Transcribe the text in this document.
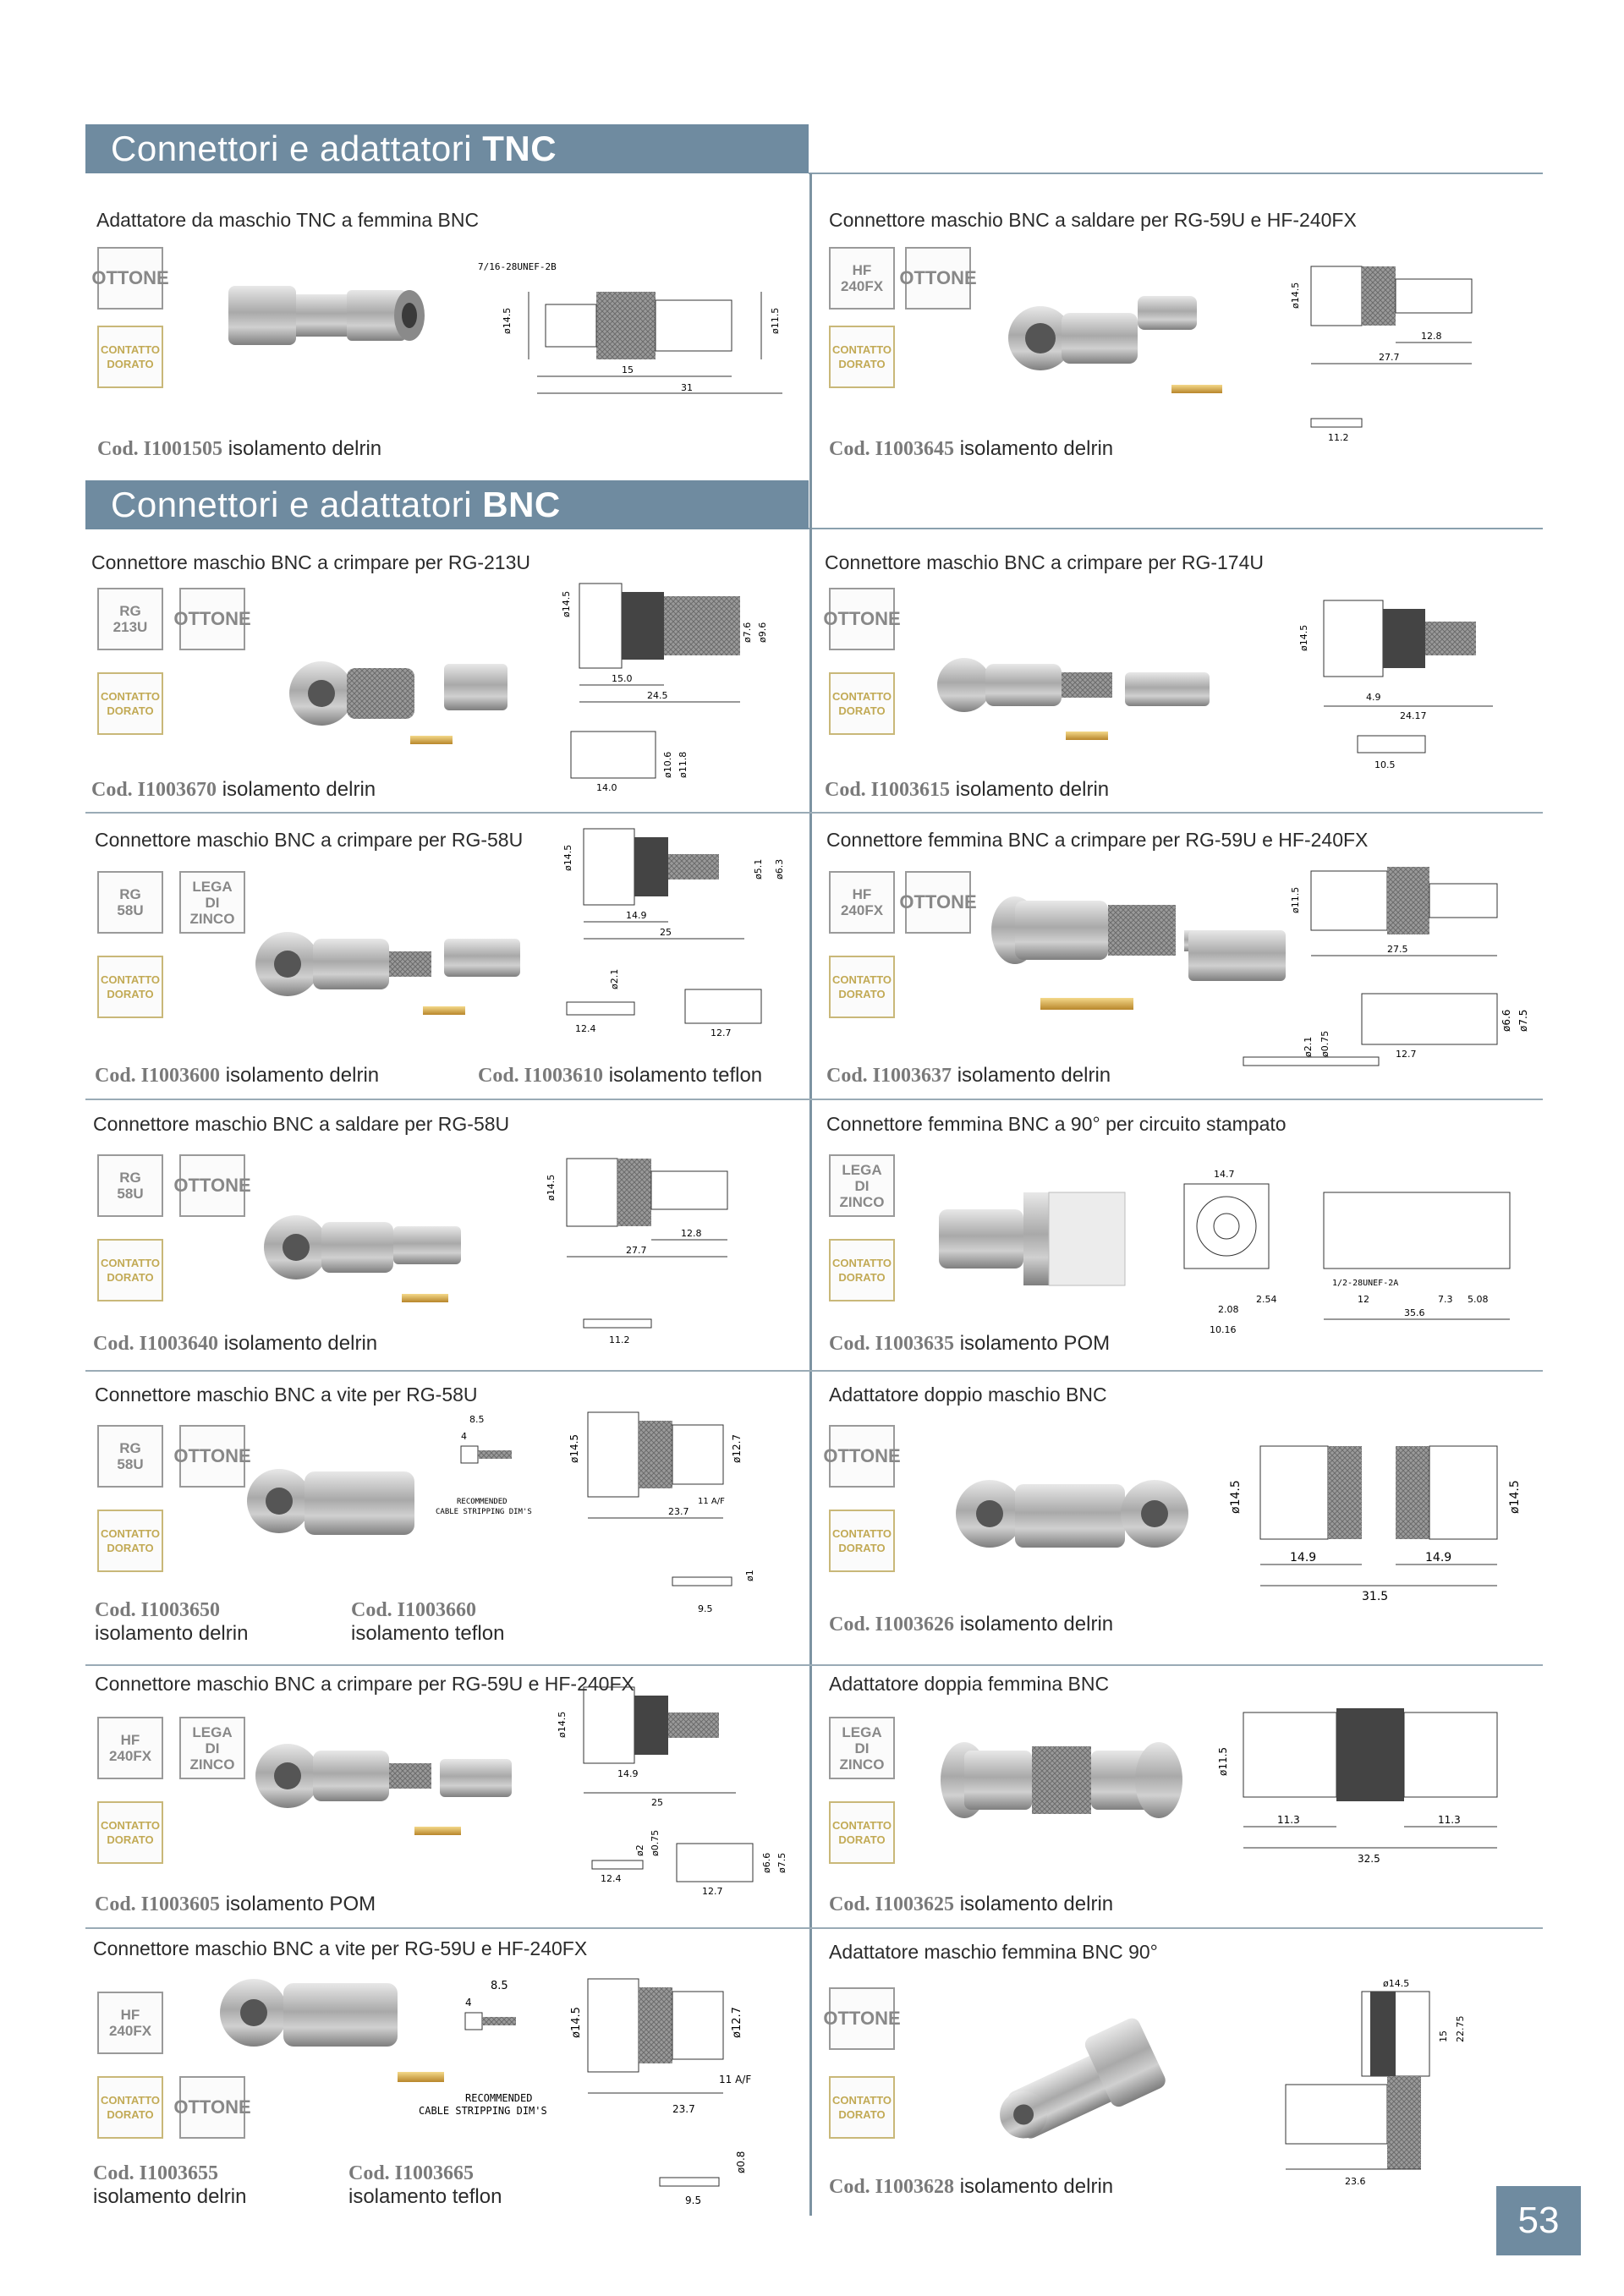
Connettori e adattatori TNC
Connettori e adattatori BNC
Adattatore da maschio TNC a femmina BNC
OTTONE
CONTATTO
DORATO
7/16-28UNEF-2B
ø14.5
15
31
ø11.5
Cod. I1001505 isolamento delrin
Connettore maschio BNC a saldare per RG-59U e HF-240FX
HF
240FX OTTONE
CONTATTO
DORATO
ø14.5
12.8
27.7
11.2
Cod. I1003645 isolamento delrin
Connettore maschio BNC a crimpare per RG-213U
RG
213U	OTTONE
CONTATTO
DORATO
ø14.5
15.0
24.5
ø7.6 ø9.6
14.0
ø10.6 ø11.8
Cod. I1003670 isolamento delrin
Connettore maschio BNC a crimpare per RG-174U
OTTONE
CONTATTO
DORATO
ø14.5
4.9
24.17
10.5
Cod. I1003615 isolamento delrin
Connettore maschio BNC a crimpare per RG-58U
RG
58U
LEGA
DI
ZINCO
CONTATTO
DORATO
ø14.5
14.9
25
ø5.1 ø6.3
12.4	12.7
ø2.1
Cod. I1003600 isolamento delrin	Cod. I1003610 isolamento teflon
Connettore femmina BNC a crimpare per RG-59U e HF-240FX
HF
240FX OTTONE
CONTATTO
DORATO
ø11.5
27.5
ø6.6 ø7.5
12.7
ø2.1 ø0.75
Cod. I1003637 isolamento delrin
Connettore maschio BNC a saldare per RG-58U
RG
58U	OTTONE
CONTATTO
DORATO
ø14.5
12.8
27.7
11.2
Cod. I1003640 isolamento delrin
Connettore femmina BNC a 90° per circuito stampato
LEGA
DI
ZINCO
CONTATTO
DORATO
14.7
2.54
2.08
10.16
1/2-28UNEF-2A
12	7.3 5.08
35.6
Cod. I1003635 isolamento POM
Connettore maschio BNC a vite per RG-58U
RG
58U	OTTONE
CONTATTO
DORATO
8.5
4
RECOMMENDED
CABLE STRIPPING DIM'S
ø14.5	ø12.7
11 A/F
23.7
9.5
ø1
Cod. I1003650
isolamento delrin
Cod. I1003660
isolamento teflon
Adattatore doppio maschio BNC
OTTONE
CONTATTO
DORATO
ø14.5	ø14.5
14.9	14.9
31.5
Cod. I1003626 isolamento delrin
Connettore maschio BNC a crimpare per RG-59U e HF-240FX
HF
240FX
LEGA
DI
ZINCO
CONTATTO
DORATO
ø14.5
14.9
25
12.4
12.7
ø6.6 ø7.5
ø2 ø0.75
Cod. I1003605 isolamento POM
Adattatore doppia femmina BNC
LEGA
DI
ZINCO
CONTATTO
DORATO
ø11.5
11.3	11.3
32.5
Cod. I1003625 isolamento delrin
Connettore maschio BNC a vite per RG-59U e HF-240FX
HF
240FX
CONTATTO
DORATO	OTTONE
8.5
4
RECOMMENDED
CABLE STRIPPING DIM'S
ø14.5	ø12.7
11 A/F
23.7
9.5
ø0.8
Cod. I1003655
isolamento delrin
Cod. I1003665
isolamento teflon
Adattatore maschio femmina BNC 90°
OTTONE
CONTATTO
DORATO
ø14.5
15 22.75
23.6
Cod. I1003628 isolamento delrin
53
